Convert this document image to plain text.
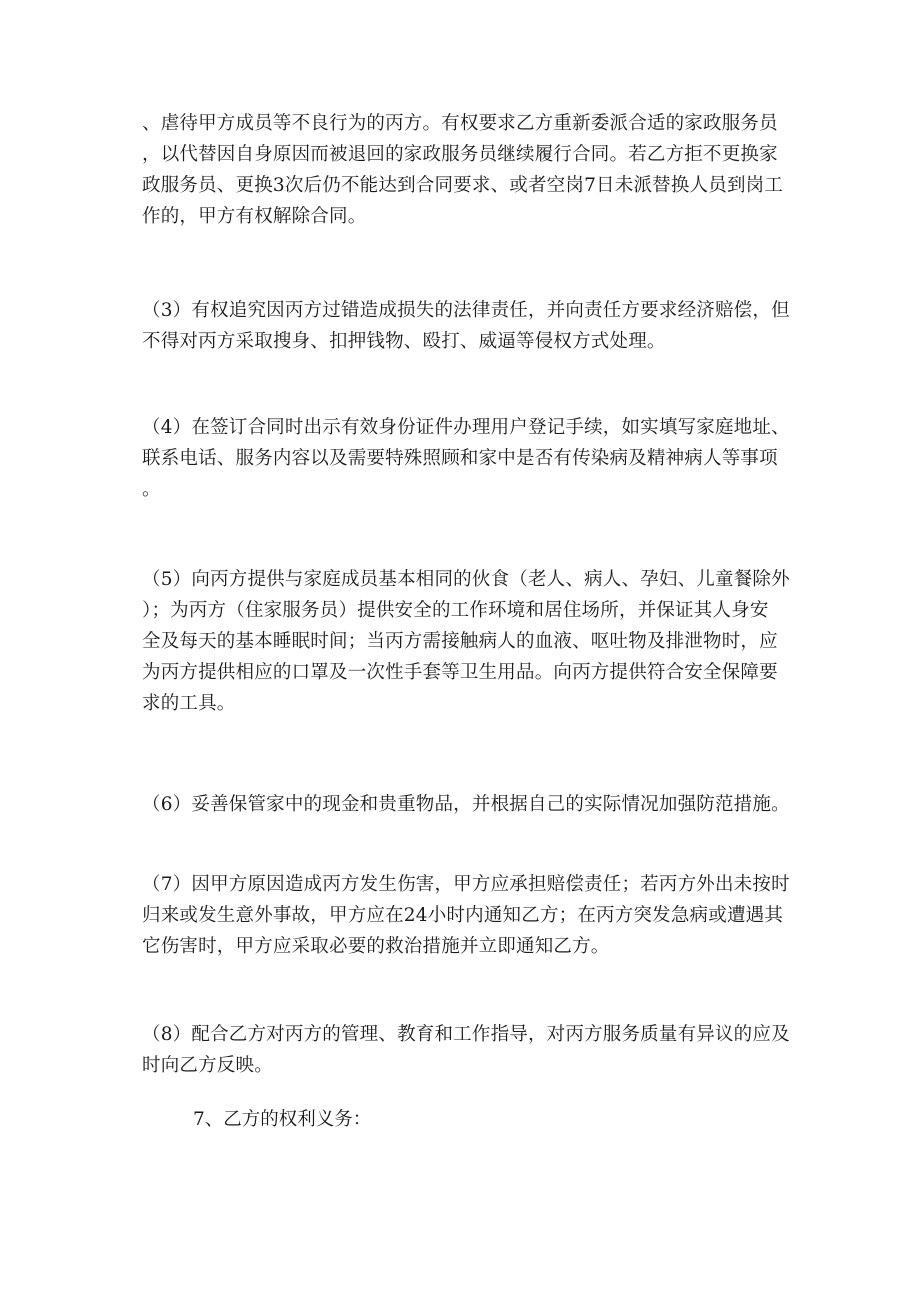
、虐待甲方成员等不良行为的丙方。有权要求乙方重新委派合适的家政服务员
，以代替因自身原因而被退回的家政服务员继续履行合同。若乙方拒不更换家
政服务员、更换3次后仍不能达到合同要求、或者空岗7日未派替换人员到岗工
作的，甲方有权解除合同。
（3）有权追究因丙方过错造成损失的法律责任，并向责任方要求经济赔偿，但
不得对丙方采取搜身、扣押钱物、殴打、威逼等侵权方式处理。
（4）在签订合同时出示有效身份证件办理用户登记手续，如实填写家庭地址、
联系电话、服务内容以及需要特殊照顾和家中是否有传染病及精神病人等事项
。
（5）向丙方提供与家庭成员基本相同的伙食（老人、病人、孕妇、儿童餐除外
）；为丙方（住家服务员）提供安全的工作环境和居住场所，并保证其人身安
全及每天的基本睡眠时间；当丙方需接触病人的血液、呕吐物及排泄物时，应
为丙方提供相应的口罩及一次性手套等卫生用品。向丙方提供符合安全保障要
求的工具。
（6）妥善保管家中的现金和贵重物品，并根据自己的实际情况加强防范措施。
（7）因甲方原因造成丙方发生伤害，甲方应承担赔偿责任；若丙方外出未按时
归来或发生意外事故，甲方应在24小时内通知乙方；在丙方突发急病或遭遇其
它伤害时，甲方应采取必要的救治措施并立即通知乙方。
（8）配合乙方对丙方的管理、教育和工作指导，对丙方服务质量有异议的应及
时向乙方反映。
7、乙方的权利义务：
